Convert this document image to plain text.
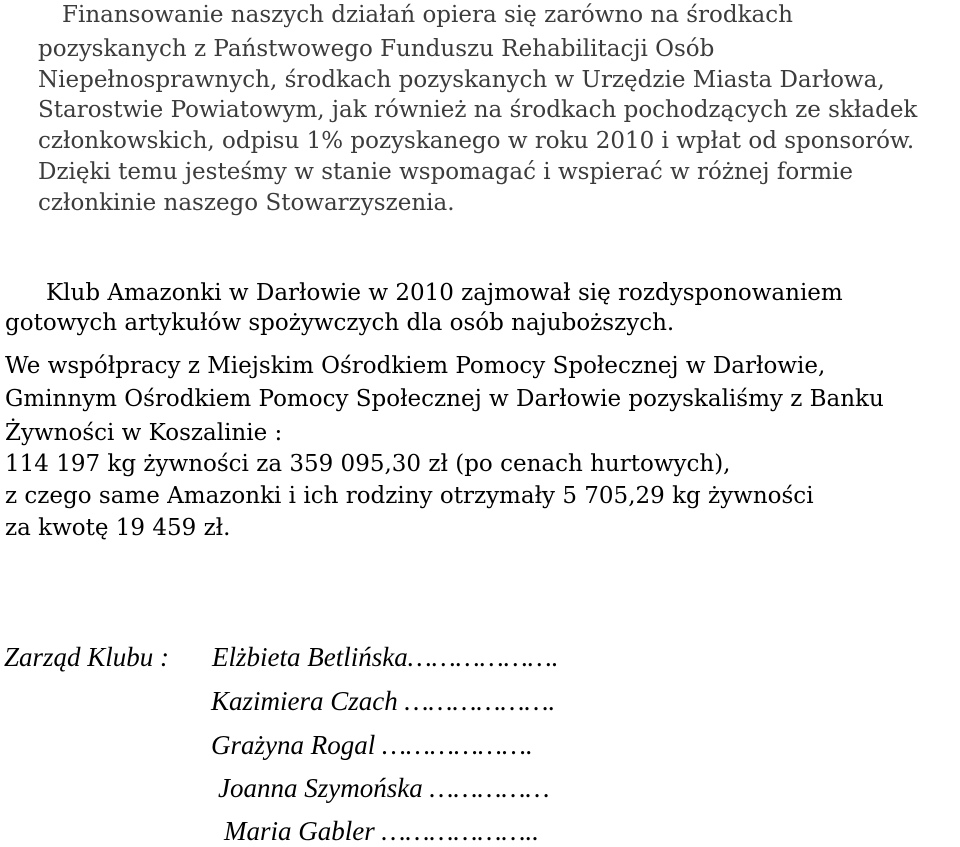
Finansowanie naszych działań opiera się zarówno na środkach
pozyskanych z Państwowego Funduszu Rehabilitacji Osób
Niepełnosprawnych, środkach pozyskanych w Urzędzie Miasta Darłowa,
Starostwie Powiatowym, jak również na środkach pochodzących ze składek
członkowskich, odpisu 1% pozyskanego w roku 2010 i wpłat od sponsorów.
Dzięki temu jesteśmy w stanie wspomagać i wspierać w różnej formie
członkinie naszego Stowarzyszenia.
Klub Amazonki w Darłowie w 2010 zajmował się rozdysponowaniem
gotowych artykułów spożywczych dla osób najuboższych.
We współpracy z Miejskim Ośrodkiem Pomocy Społecznej w Darłowie,
Gminnym Ośrodkiem Pomocy Społecznej w Darłowie pozyskaliśmy z Banku
Żywności w Koszalinie :
114 197 kg żywności za 359 095,30 zł (po cenach hurtowych),
z czego same Amazonki i ich rodziny otrzymały 5 705,29 kg żywności
za kwotę 19 459 zł.
Zarząd Klubu : Elżbieta Betlińska……………….
Kazimiera Czach ……………….
Grażyna Rogal ……………….
Joanna Szymońska ……………
Maria Gabler ………………..
